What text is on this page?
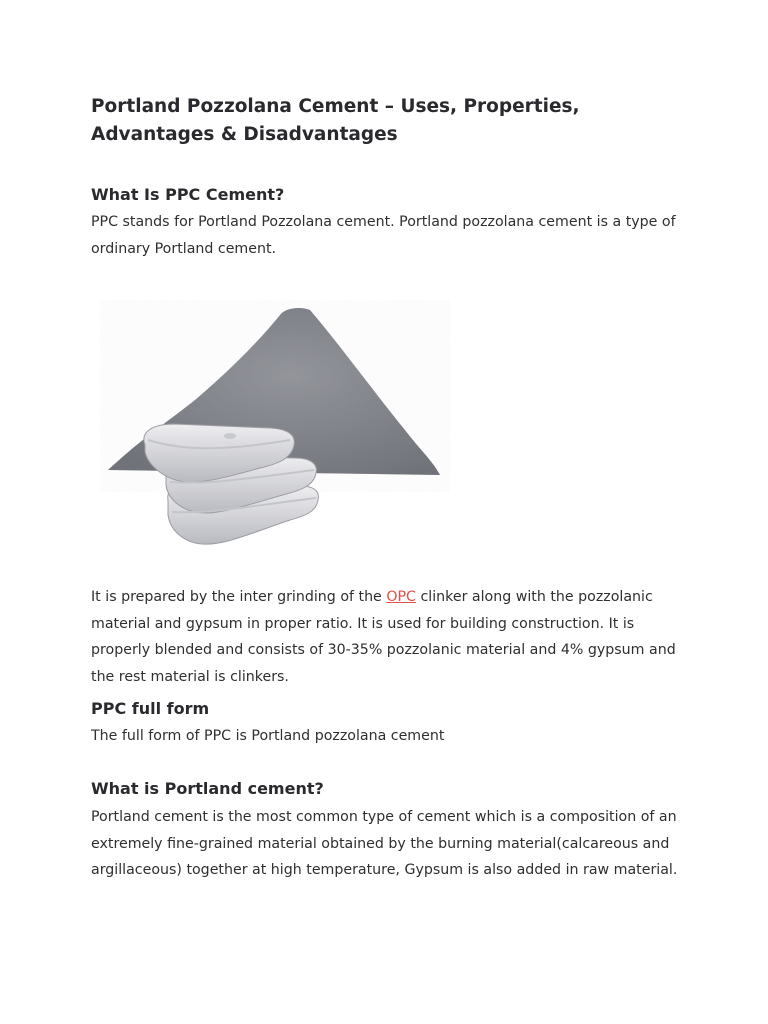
Portland Pozzolana Cement – Uses, Properties, Advantages & Disadvantages
What Is PPC Cement?

PPC stands for Portland Pozzolana cement. Portland pozzolana cement is a type of ordinary Portland cement.

It is prepared by the inter grinding of the OPC clinker along with the pozzolanic material and gypsum in proper ratio. It is used for building construction. It is properly blended and consists of 30-35% pozzolanic material and 4% gypsum and the rest material is clinkers.

PPC full form

The full form of PPC is Portland pozzolana cement

What is Portland cement?

Portland cement is the most common type of cement which is a composition of an extremely fine-grained material obtained by the burning material(calcareous and argillaceous) together at high temperature, Gypsum is also added in raw material.
